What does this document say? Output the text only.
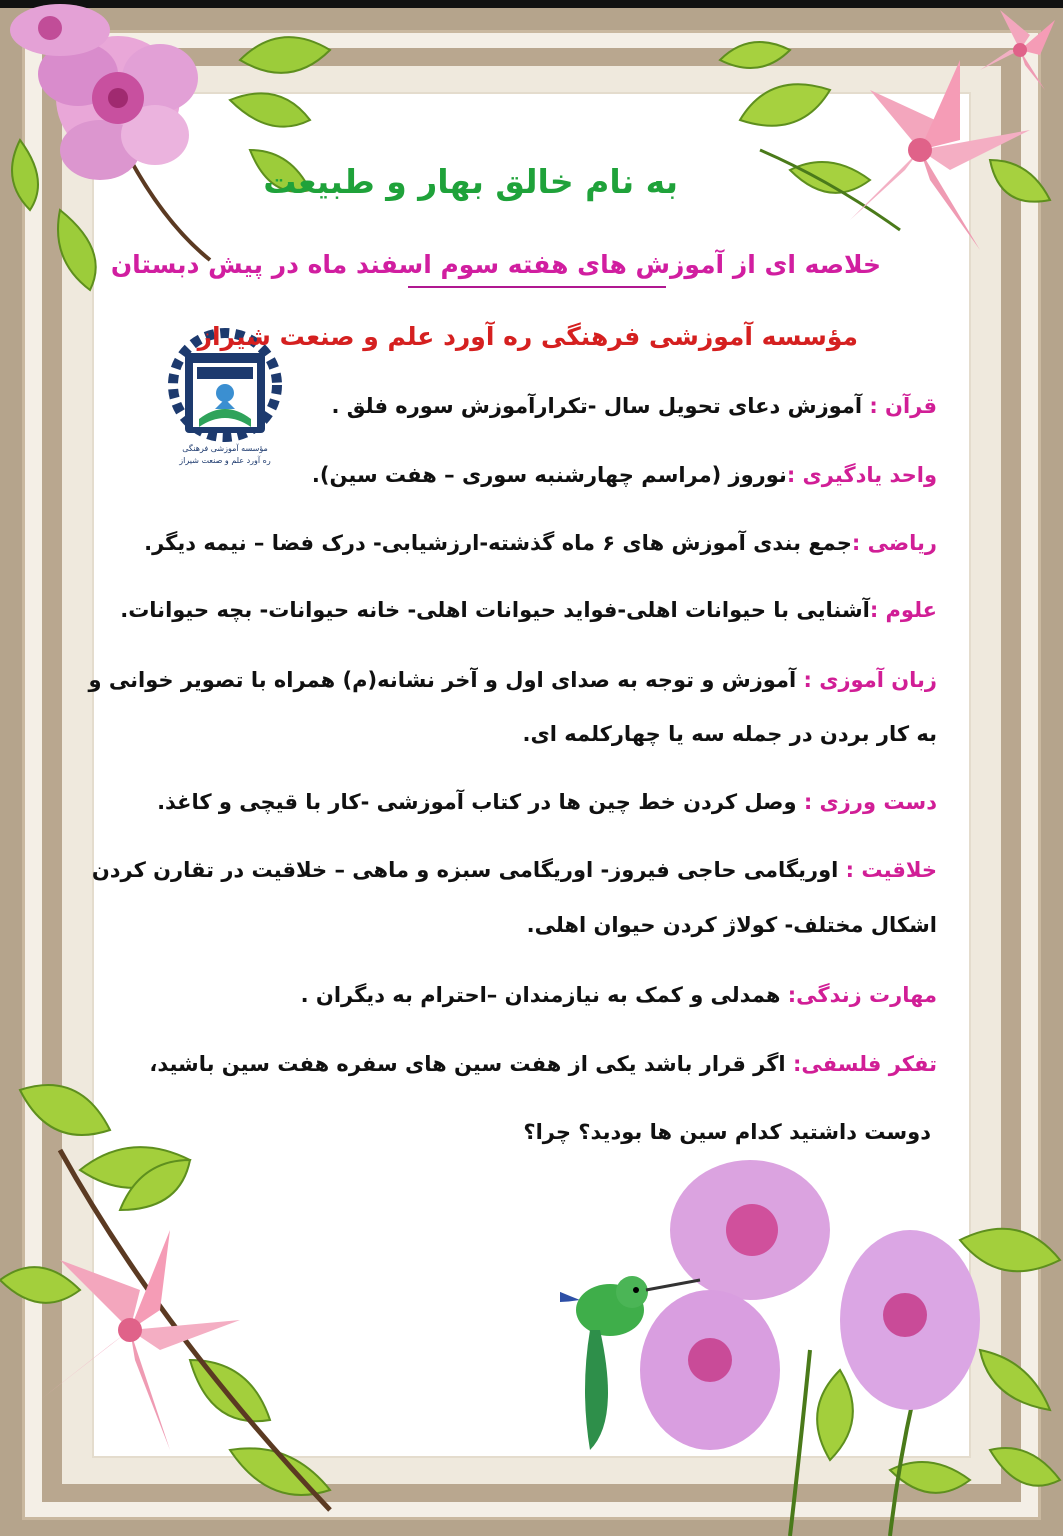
مؤسسه آموزشی فرهنگی
ره آورد علم و صنعت شیراز
به نام خالق بهار و طبیعت
خلاصه ای از آموزش های هفته سوم اسفند ماه در پیش دبستان
مؤسسه آموزشی فرهنگی ره آورد علم و صنعت شیراز
قرآن : آموزش دعای تحویل سال -تکرارآموزش سوره فلق .
واحد یادگیری :نوروز (مراسم چهارشنبه سوری – هفت سین).
ریاضی :جمع بندی آموزش های ۶ ماه گذشته-ارزشیابی- درک فضا – نیمه دیگر.
علوم :آشنایی با حیوانات اهلی-فواید حیوانات اهلی- خانه حیوانات- بچه حیوانات.
زبان آموزی : آموزش و توجه به صدای اول و آخر نشانه(م) همراه با تصویر خوانی و
به کار بردن در جمله سه یا چهارکلمه ای.
دست ورزی : وصل کردن خط چین ها در کتاب آموزشی -کار با قیچی و کاغذ.
خلاقیت : اوریگامی حاجی فیروز- اوریگامی سبزه و ماهی – خلاقیت در تقارن کردن
اشکال مختلف- کولاژ کردن حیوان اهلی.
مهارت زندگی: همدلی و کمک به نیازمندان –احترام به دیگران .
تفکر فلسفی: اگر قرار باشد یکی از هفت سین های سفره هفت سین باشید،
دوست داشتید کدام سین ها بودید؟ چرا؟
